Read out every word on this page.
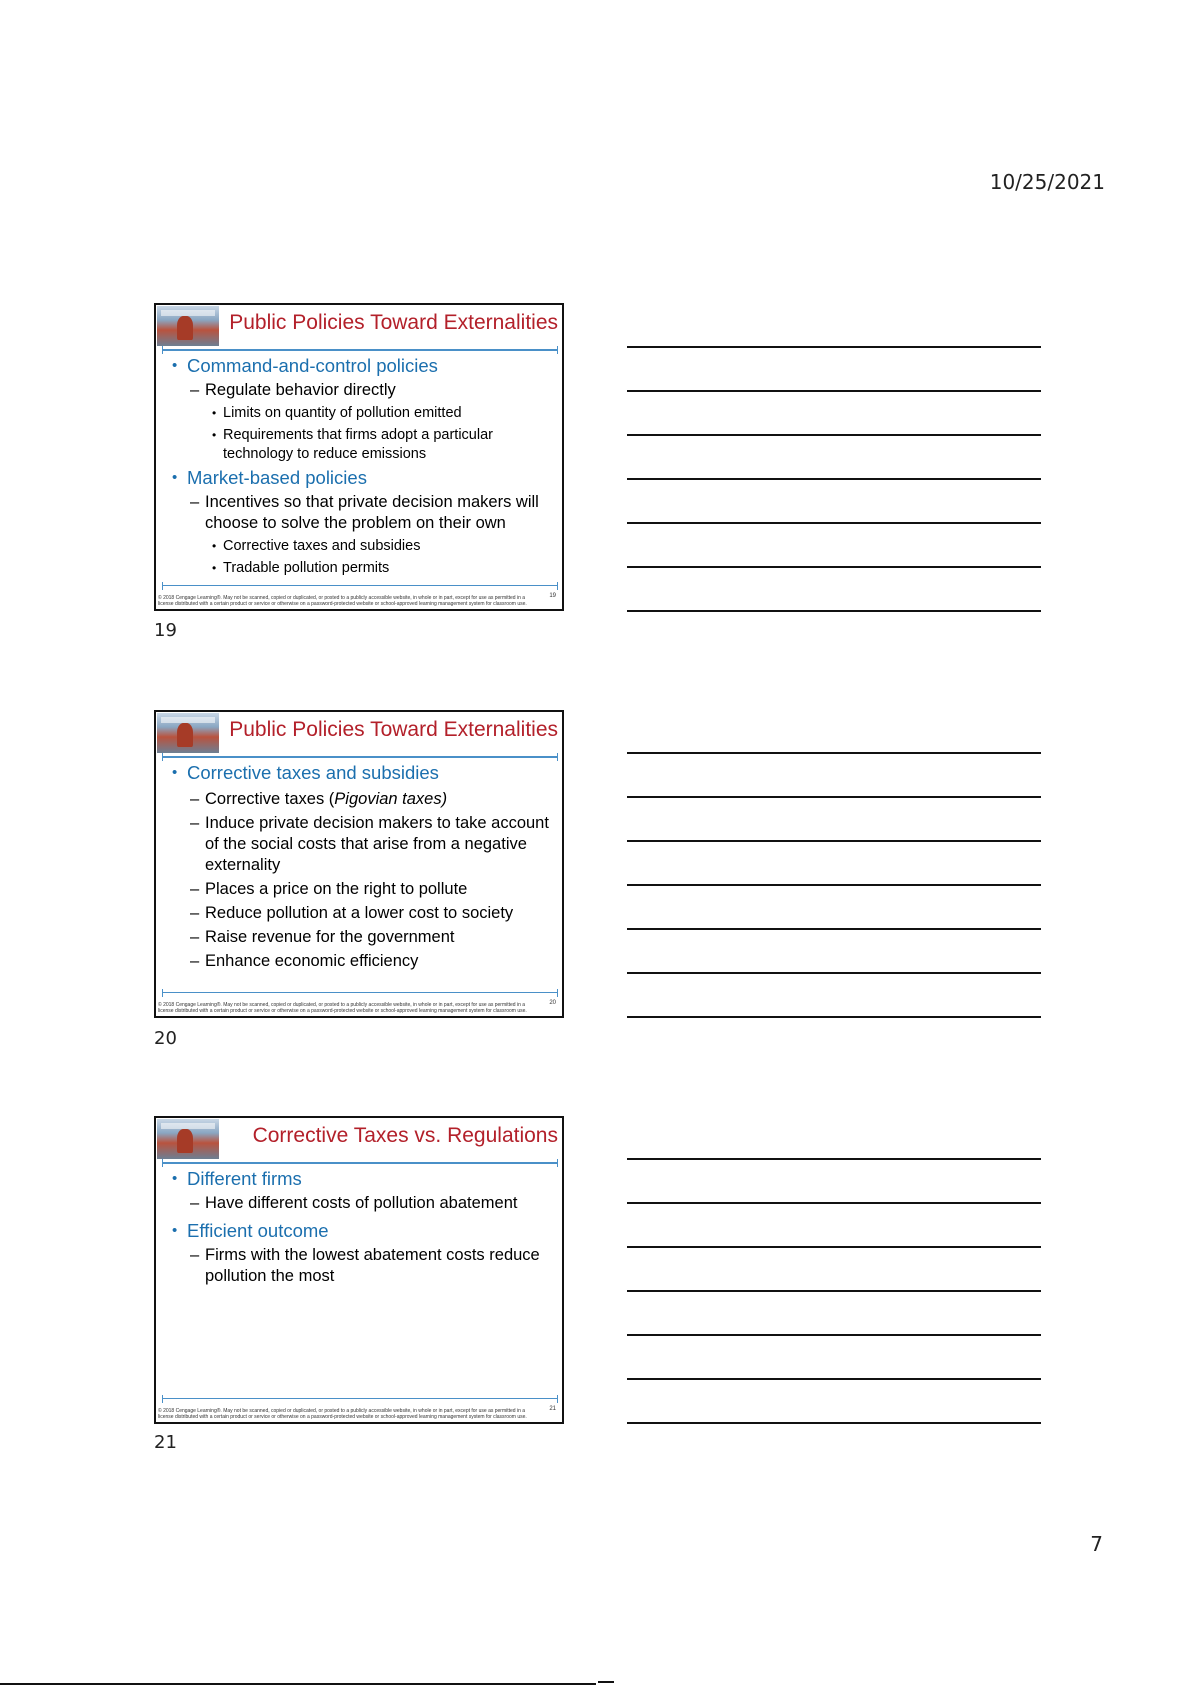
10/25/2021
Public Policies Toward Externalities
• Command-and-control policies
– Regulate behavior directly
• Limits on quantity of pollution emitted
• Requirements that firms adopt a particular technology to reduce emissions
• Market-based policies
– Incentives so that private decision makers will choose to solve the problem on their own
• Corrective taxes and subsidies
• Tradable pollution permits
© 2018 Cengage Learning®. May not be scanned, copied or duplicated, or posted to a publicly accessible website, in whole or in part, except for use as permitted in a license distributed with a certain product or service or otherwise on a password-protected website or school-approved learning management system for classroom use.
19
19
Public Policies Toward Externalities
• Corrective taxes and subsidies
– Corrective taxes (Pigovian taxes)
– Induce private decision makers to take account of the social costs that arise from a negative externality
– Places a price on the right to pollute
– Reduce pollution at a lower cost to society
– Raise revenue for the government
– Enhance economic efficiency
© 2018 Cengage Learning®. May not be scanned, copied or duplicated, or posted to a publicly accessible website, in whole or in part, except for use as permitted in a license distributed with a certain product or service or otherwise on a password-protected website or school-approved learning management system for classroom use.
20
20
Corrective Taxes vs. Regulations
• Different firms
– Have different costs of pollution abatement
• Efficient outcome
– Firms with the lowest abatement costs reduce pollution the most
© 2018 Cengage Learning®. May not be scanned, copied or duplicated, or posted to a publicly accessible website, in whole or in part, except for use as permitted in a license distributed with a certain product or service or otherwise on a password-protected website or school-approved learning management system for classroom use.
21
21
7
